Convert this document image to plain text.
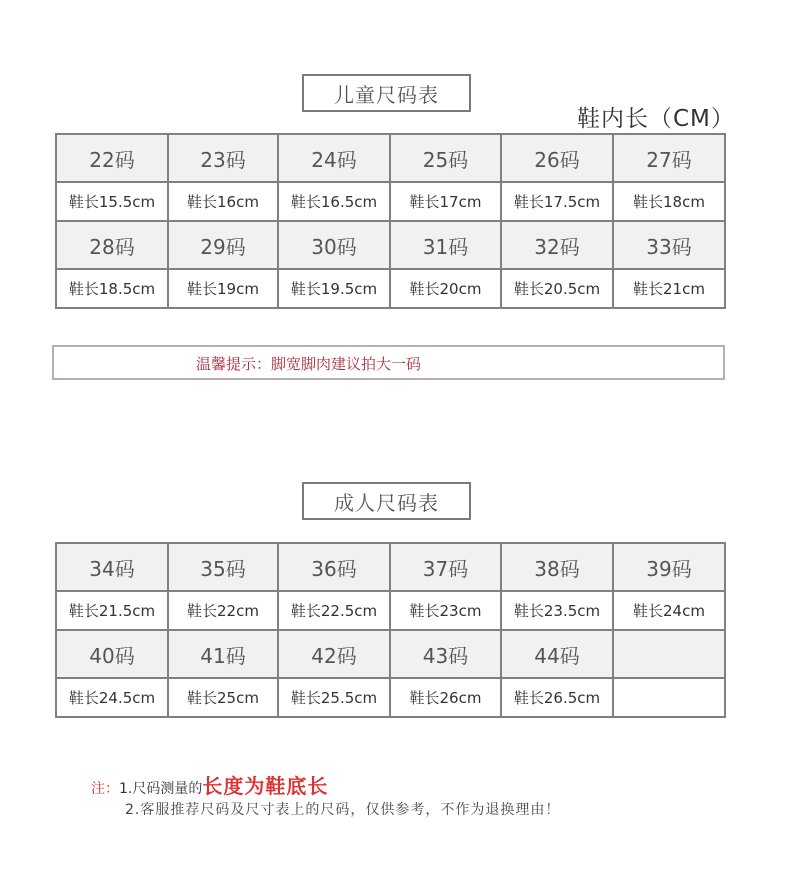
儿童尺码表
鞋内长（CM）
22码	23码	24码	25码	26码	27码
鞋长15.5cm	鞋长16cm	鞋长16.5cm	鞋长17cm	鞋长17.5cm	鞋长18cm
28码	29码	30码	31码	32码	33码
鞋长18.5cm	鞋长19cm	鞋长19.5cm	鞋长20cm	鞋长20.5cm	鞋长21cm
温馨提示：脚宽脚肉建议拍大一码
成人尺码表
34码	35码	36码	37码	38码	39码
鞋长21.5cm	鞋长22cm	鞋长22.5cm	鞋长23cm	鞋长23.5cm	鞋长24cm
40码	41码	42码	43码	44码	
鞋长24.5cm	鞋长25cm	鞋长25.5cm	鞋长26cm	鞋长26.5cm	
注：1.尺码测量的长度为鞋底长
2.客服推荐尺码及尺寸表上的尺码，仅供参考，不作为退换理由！
